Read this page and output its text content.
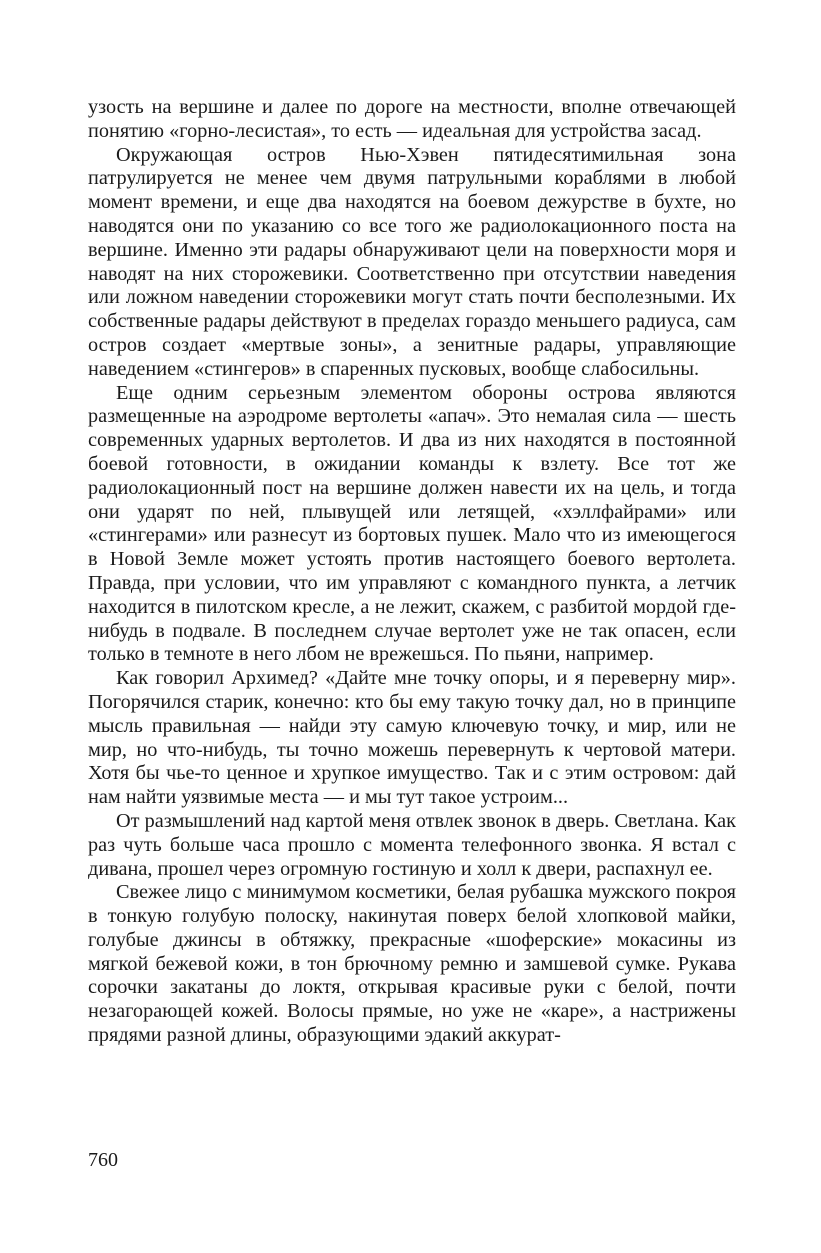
узость на вершине и далее по дороге на местности, вполне отвечающей понятию «горно-лесистая», то есть — идеальная для устройства засад.

Окружающая остров Нью-Хэвен пятидесятимильная зона патрулируется не менее чем двумя патрульными кораблями в любой момент времени, и еще два находятся на боевом дежурстве в бухте, но наводятся они по указанию со все того же радиолокационного поста на вершине. Именно эти радары обнаруживают цели на поверхности моря и наводят на них сторожевики. Соответственно при отсутствии наведения или ложном наведении сторожевики могут стать почти бесполезными. Их собственные радары действуют в пределах гораздо меньшего радиуса, сам остров создает «мертвые зоны», а зенитные радары, управляющие наведением «стингеров» в спаренных пусковых, вообще слабосильны.

Еще одним серьезным элементом обороны острова являются размещенные на аэродроме вертолеты «апач». Это немалая сила — шесть современных ударных вертолетов. И два из них находятся в постоянной боевой готовности, в ожидании команды к взлету. Все тот же радиолокационный пост на вершине должен навести их на цель, и тогда они ударят по ней, плывущей или летящей, «хэллфайрами» или «стингерами» или разнесут из бортовых пушек. Мало что из имеющегося в Новой Земле может устоять против настоящего боевого вертолета. Правда, при условии, что им управляют с командного пункта, а летчик находится в пилотском кресле, а не лежит, скажем, с разбитой мордой где-нибудь в подвале. В последнем случае вертолет уже не так опасен, если только в темноте в него лбом не врежешься. По пьяни, например.

Как говорил Архимед? «Дайте мне точку опоры, и я переверну мир». Погорячился старик, конечно: кто бы ему такую точку дал, но в принципе мысль правильная — найди эту самую ключевую точку, и мир, или не мир, но что-нибудь, ты точно можешь перевернуть к чертовой матери. Хотя бы чье-то ценное и хрупкое имущество. Так и с этим островом: дай нам найти уязвимые места — и мы тут такое устроим...

От размышлений над картой меня отвлек звонок в дверь. Светлана. Как раз чуть больше часа прошло с момента телефонного звонка. Я встал с дивана, прошел через огромную гостиную и холл к двери, распахнул ее.

Свежее лицо с минимумом косметики, белая рубашка мужского покроя в тонкую голубую полоску, накинутая поверх белой хлопковой майки, голубые джинсы в обтяжку, прекрасные «шоферские» мокасины из мягкой бежевой кожи, в тон брючному ремню и замшевой сумке. Рукава сорочки закатаны до локтя, открывая красивые руки с белой, почти незагорающей кожей. Волосы прямые, но уже не «каре», а настрижены прядями разной длины, образующими эдакий аккурат-

760
